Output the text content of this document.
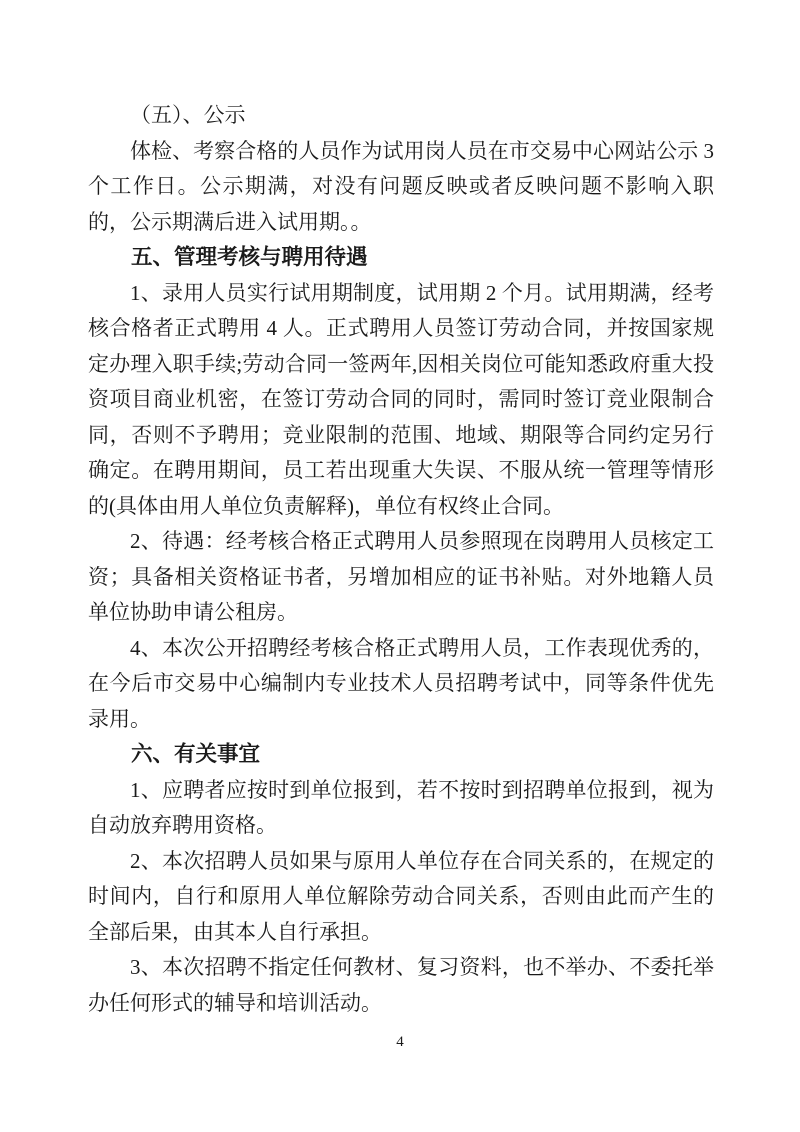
（五）、公示

体检、考察合格的人员作为试用岗人员在市交易中心网站公示 3 个工作日。公示期满，对没有问题反映或者反映问题不影响入职的，公示期满后进入试用期。。

五、管理考核与聘用待遇

1、录用人员实行试用期制度，试用期 2 个月。试用期满，经考核合格者正式聘用 4 人。正式聘用人员签订劳动合同，并按国家规定办理入职手续;劳动合同一签两年,因相关岗位可能知悉政府重大投资项目商业机密，在签订劳动合同的同时，需同时签订竞业限制合同，否则不予聘用；竞业限制的范围、地域、期限等合同约定另行确定。在聘用期间，员工若出现重大失误、不服从统一管理等情形的(具体由用人单位负责解释)，单位有权终止合同。

2、待遇：经考核合格正式聘用人员参照现在岗聘用人员核定工资；具备相关资格证书者，另增加相应的证书补贴。对外地籍人员单位协助申请公租房。

4、本次公开招聘经考核合格正式聘用人员，工作表现优秀的，在今后市交易中心编制内专业技术人员招聘考试中，同等条件优先录用。

六、有关事宜

1、应聘者应按时到单位报到，若不按时到招聘单位报到，视为自动放弃聘用资格。

2、本次招聘人员如果与原用人单位存在合同关系的，在规定的时间内，自行和原用人单位解除劳动合同关系，否则由此而产生的全部后果，由其本人自行承担。

3、本次招聘不指定任何教材、复习资料，也不举办、不委托举办任何形式的辅导和培训活动。

4
